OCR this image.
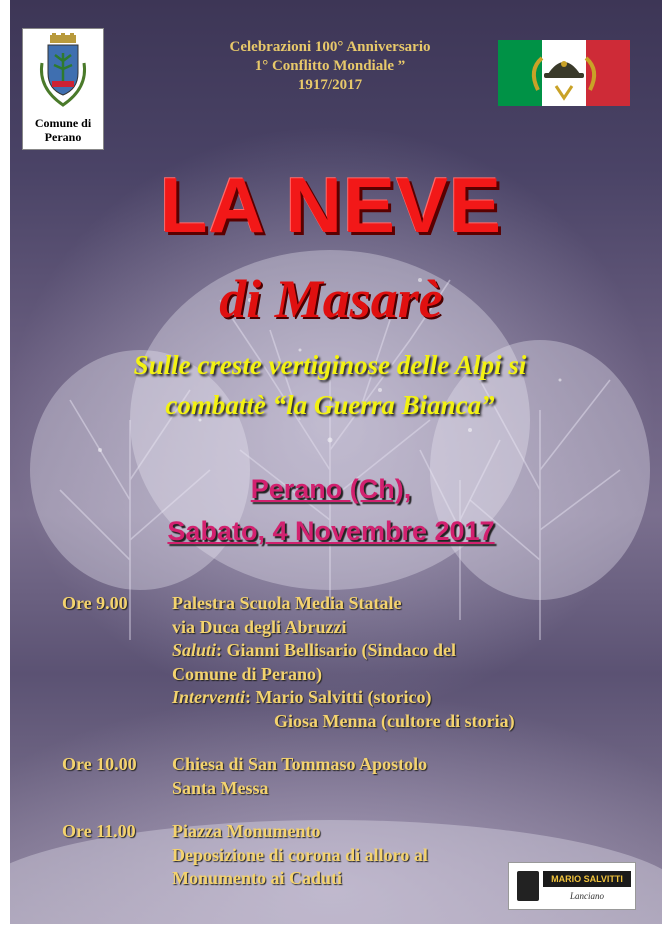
Comune di
Perano
Celebrazioni 100° Anniversario
1° Conflitto Mondiale ”
1917/2017
LA NEVE
di Masarè
Sulle creste vertiginose delle Alpi si
combattè “la Guerra Bianca”
Perano (Ch),
Sabato, 4 Novembre 2017
Ore 9.00	Palestra Scuola Media Statale
via Duca degli Abruzzi
Saluti: Gianni Bellisario (Sindaco del
Comune di Perano)
Interventi: Mario Salvitti (storico)
Giosa Menna (cultore di storia)
Ore 10.00	Chiesa di San Tommaso Apostolo
Santa Messa
Ore 11.00	Piazza Monumento
Deposizione di corona di alloro al
Monumento ai Caduti	MARIO SALVITTI
Lanciano
